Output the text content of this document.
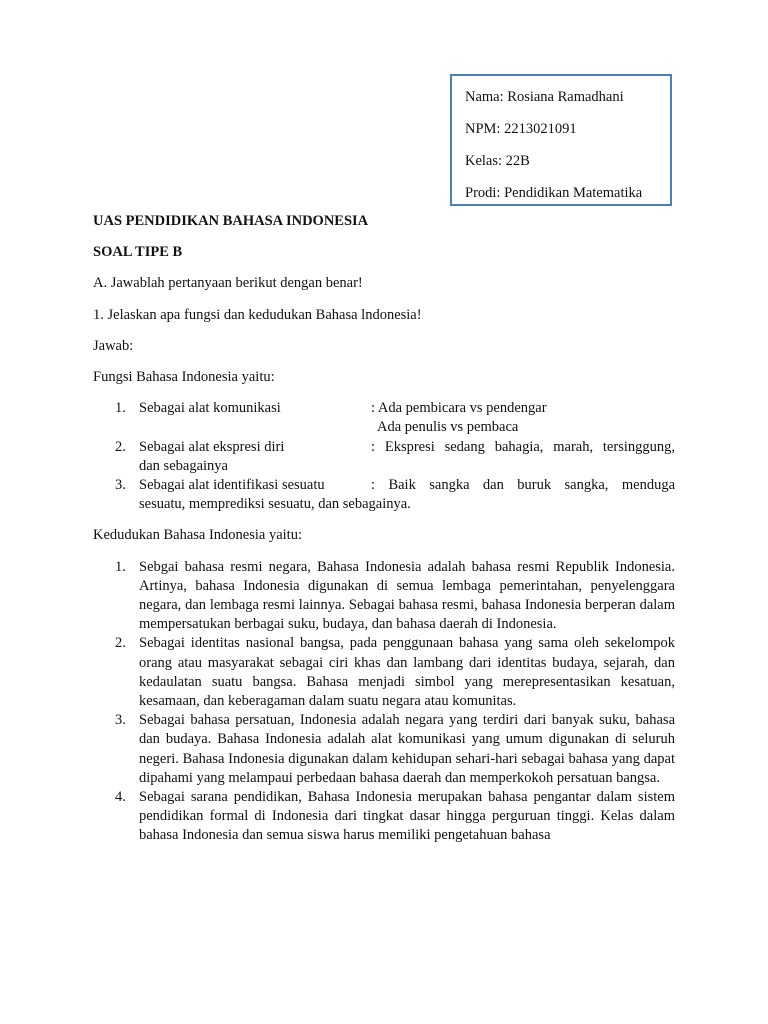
Nama: Rosiana Ramadhani
NPM: 2213021091
Kelas: 22B
Prodi: Pendidikan Matematika
UAS PENDIDIKAN BAHASA INDONESIA
SOAL TIPE B
A. Jawablah pertanyaan berikut dengan benar!
1. Jelaskan apa fungsi dan kedudukan Bahasa lndonesia!
Jawab:
Fungsi Bahasa Indonesia yaitu:
1. Sebagai alat komunikasi	: Ada pembicara vs pendengar
Ada penulis vs pembaca
2. Sebagai alat ekspresi diri	: Ekspresi sedang bahagia, marah, tersinggung,
dan sebagainya
3. Sebagai alat identifikasi sesuatu	: Baik sangka dan buruk sangka, menduga
sesuatu, memprediksi sesuatu, dan sebagainya.
Kedudukan Bahasa Indonesia yaitu:
1. Sebgai bahasa resmi negara, Bahasa Indonesia adalah bahasa resmi Republik Indonesia. Artinya, bahasa Indonesia digunakan di semua lembaga pemerintahan, penyelenggara negara, dan lembaga resmi lainnya. Sebagai bahasa resmi, bahasa Indonesia berperan dalam mempersatukan berbagai suku, budaya, dan bahasa daerah di Indonesia.
2. Sebagai identitas nasional bangsa, pada penggunaan bahasa yang sama oleh sekelompok orang atau masyarakat sebagai ciri khas dan lambang dari identitas budaya, sejarah, dan kedaulatan suatu bangsa. Bahasa menjadi simbol yang merepresentasikan kesatuan, kesamaan, dan keberagaman dalam suatu negara atau komunitas.
3. Sebagai bahasa persatuan, Indonesia adalah negara yang terdiri dari banyak suku, bahasa dan budaya. Bahasa Indonesia adalah alat komunikasi yang umum digunakan di seluruh negeri. Bahasa Indonesia digunakan dalam kehidupan sehari-hari sebagai bahasa yang dapat dipahami yang melampaui perbedaan bahasa daerah dan memperkokoh persatuan bangsa.
4. Sebagai sarana pendidikan, Bahasa Indonesia merupakan bahasa pengantar dalam sistem pendidikan formal di Indonesia dari tingkat dasar hingga perguruan tinggi. Kelas dalam bahasa Indonesia dan semua siswa harus memiliki pengetahuan bahasa
